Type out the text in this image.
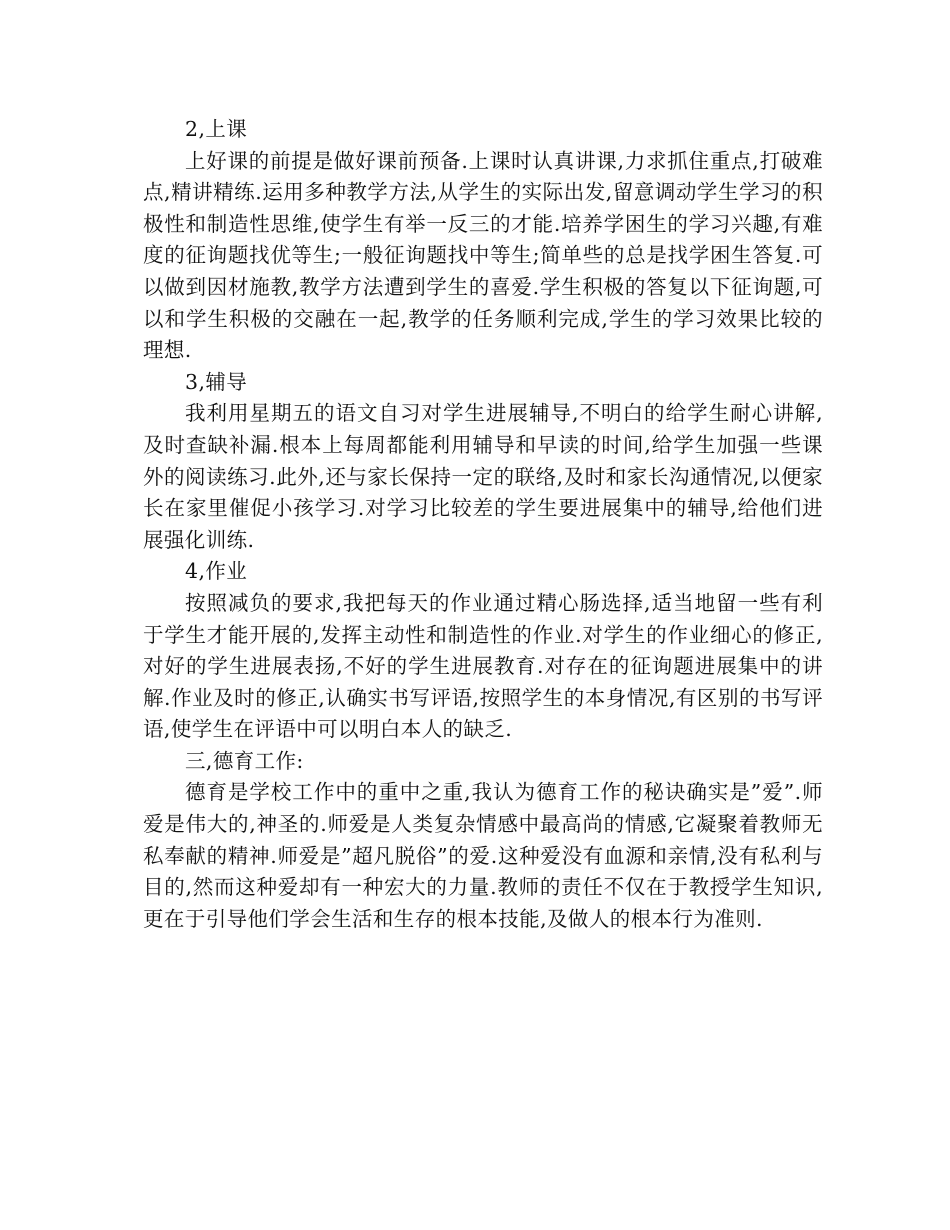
2,上课

上好课的前提是做好课前预备.上课时认真讲课,力求抓住重点,打破难点,精讲精练.运用多种教学方法,从学生的实际出发,留意调动学生学习的积极性和制造性思维,使学生有举一反三的才能.培养学困生的学习兴趣,有难度的征询题找优等生;一般征询题找中等生;简单些的总是找学困生答复.可以做到因材施教,教学方法遭到学生的喜爱.学生积极的答复以下征询题,可以和学生积极的交融在一起,教学的任务顺利完成,学生的学习效果比较的理想.

3,辅导

我利用星期五的语文自习对学生进展辅导,不明白的给学生耐心讲解,及时查缺补漏.根本上每周都能利用辅导和早读的时间,给学生加强一些课外的阅读练习.此外,还与家长保持一定的联络,及时和家长沟通情况,以便家长在家里催促小孩学习.对学习比较差的学生要进展集中的辅导,给他们进展强化训练.

4,作业

按照减负的要求,我把每天的作业通过精心肠选择,适当地留一些有利于学生才能开展的,发挥主动性和制造性的作业.对学生的作业细心的修正,对好的学生进展表扬,不好的学生进展教育.对存在的征询题进展集中的讲解.作业及时的修正,认确实书写评语,按照学生的本身情况,有区别的书写评语,使学生在评语中可以明白本人的缺乏.

三,德育工作:

德育是学校工作中的重中之重,我认为德育工作的秘诀确实是”爱”.师爱是伟大的,神圣的.师爱是人类复杂情感中最高尚的情感,它凝聚着教师无私奉献的精神.师爱是”超凡脱俗”的爱.这种爱没有血源和亲情,没有私利与目的,然而这种爱却有一种宏大的力量.教师的责任不仅在于教授学生知识,更在于引导他们学会生活和生存的根本技能,及做人的根本行为准则.
